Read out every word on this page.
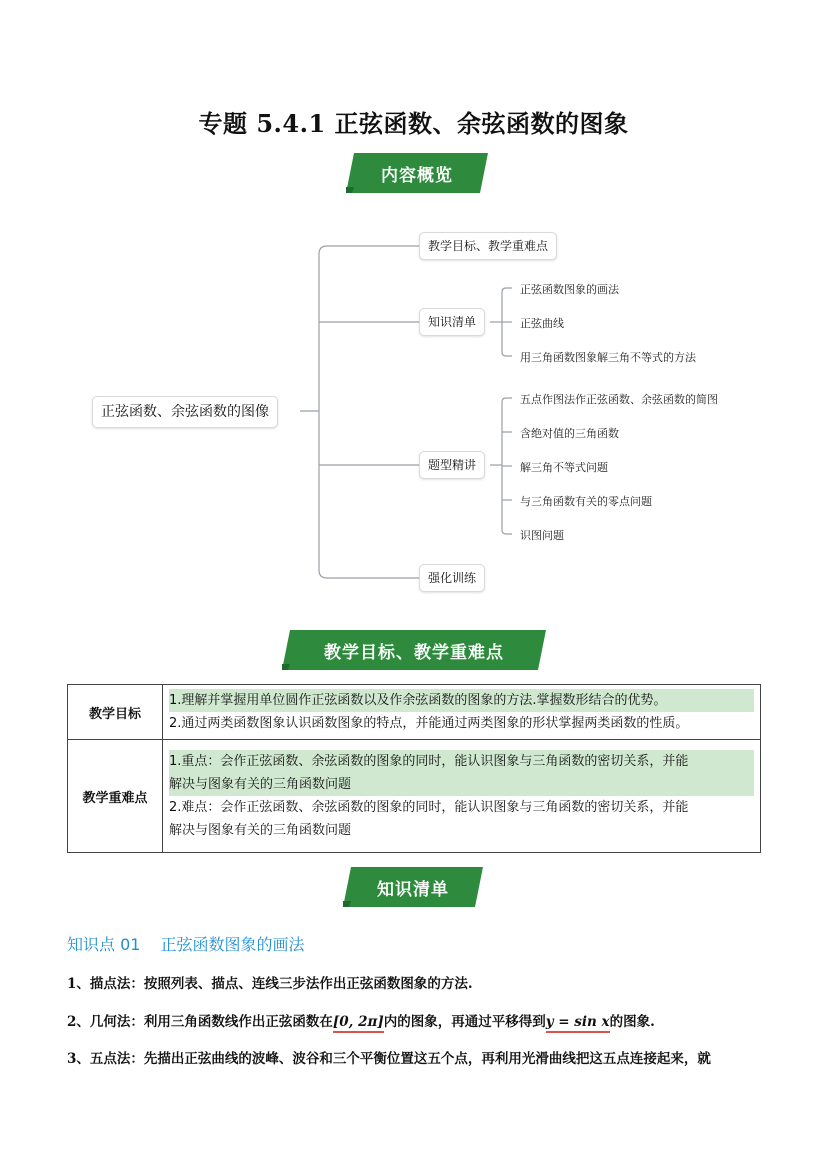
专题 5.4.1 正弦函数、余弦函数的图象
内容概览
正弦函数、余弦函数的图像
教学目标、教学重难点
知识清单
题型精讲
强化训练
正弦函数图象的画法
正弦曲线
用三角函数图象解三角不等式的方法
五点作图法作正弦函数、余弦函数的简图
含绝对值的三角函数
解三角不等式问题
与三角函数有关的零点问题
识图问题
教学目标、教学重难点
教学目标	1.理解并掌握用单位圆作正弦函数以及作余弦函数的图象的方法.掌握数形结合的优势。
2.通过两类函数图象认识函数图象的特点，并能通过两类图象的形状掌握两类函数的性质。

教学重难点	1.重点：会作正弦函数、余弦函数的图象的同时，能认识图象与三角函数的密切关系，并能
解决与图象有关的三角函数问题
2.难点：会作正弦函数、余弦函数的图象的同时，能认识图象与三角函数的密切关系，并能
解决与图象有关的三角函数问题
知识清单
知识点 01 正弦函数图象的画法
1、描点法：按照列表、描点、连线三步法作出正弦函数图象的方法.
2、几何法：利用三角函数线作出正弦函数在[0, 2π]内的图象，再通过平移得到y = sin x的图象.
3、五点法：先描出正弦曲线的波峰、波谷和三个平衡位置这五个点，再利用光滑曲线把这五点连接起来，就
